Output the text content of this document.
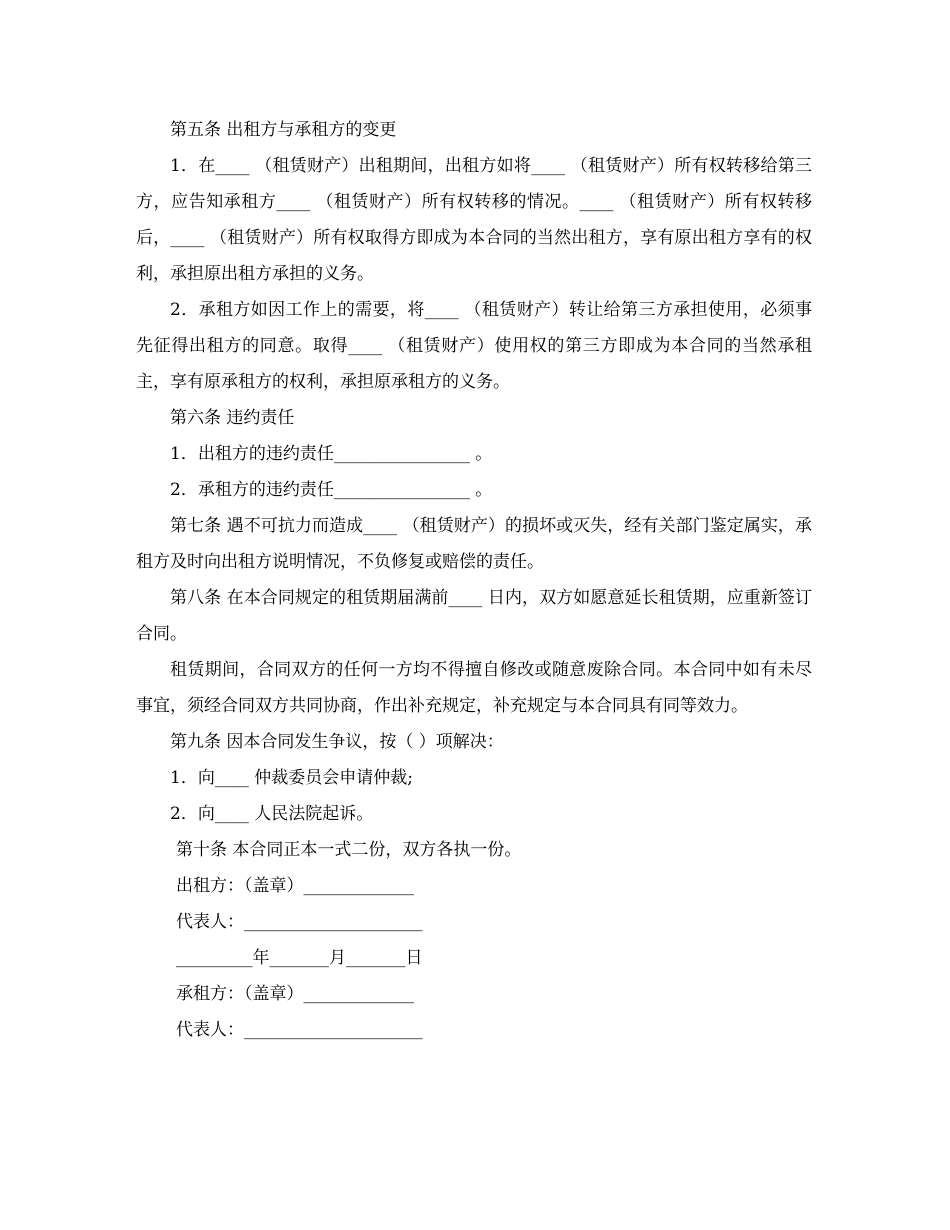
第五条 出租方与承租方的变更

1．在____ （租赁财产）出租期间，出租方如将____ （租赁财产）所有权转移给第三方，应告知承租方____ （租赁财产）所有权转移的情况。____ （租赁财产）所有权转移后，____ （租赁财产）所有权取得方即成为本合同的当然出租方，享有原出租方享有的权利，承担原出租方承担的义务。

2．承租方如因工作上的需要，将____ （租赁财产）转让给第三方承担使用，必须事先征得出租方的同意。取得____ （租赁财产）使用权的第三方即成为本合同的当然承租主，享有原承租方的权利，承担原承租方的义务。

第六条 违约责任

1．出租方的违约责任________________ 。

2．承租方的违约责任________________ 。

第七条 遇不可抗力而造成____ （租赁财产）的损坏或灭失，经有关部门鉴定属实，承租方及时向出租方说明情况，不负修复或赔偿的责任。

第八条 在本合同规定的租赁期届满前____ 日内，双方如愿意延长租赁期，应重新签订合同。

租赁期间，合同双方的任何一方均不得擅自修改或随意废除合同。本合同中如有未尽事宜，须经合同双方共同协商，作出补充规定，补充规定与本合同具有同等效力。

第九条 因本合同发生争议，按（ ）项解决：

1．向____ 仲裁委员会申请仲裁;

2．向____ 人民法院起诉。

第十条 本合同正本一式二份，双方各执一份。

出租方：（盖章）_____________

代表人：_____________________

_________年_______月_______日

承租方：（盖章）_____________

代表人：_____________________
